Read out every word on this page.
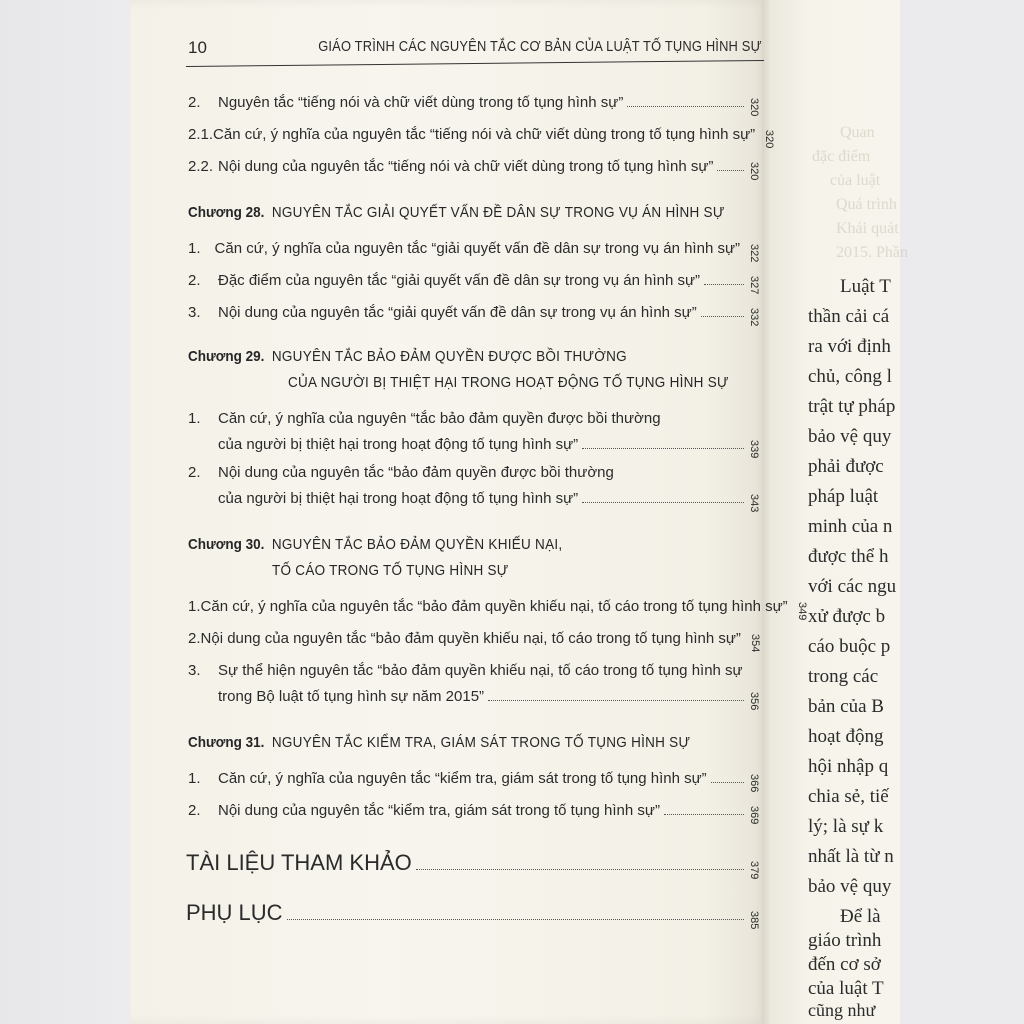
Quan
đặc điểm
của luật
Quá trình
Khái quát
2015. Phần
10	GIÁO TRÌNH CÁC NGUYÊN TẮC CƠ BẢN CỦA LUẬT TỐ TỤNG HÌNH SỰ
2.	Nguyên tắc “tiếng nói và chữ viết dùng trong tố tụng hình sự”	320
2.1. Căn cứ, ý nghĩa của nguyên tắc “tiếng nói và chữ viết dùng trong tố tụng hình sự” 320
2.2. Nội dung của nguyên tắc “tiếng nói và chữ viết dùng trong tố tụng hình sự”	320
Chương 28. NGUYÊN TẮC GIẢI QUYẾT VẤN ĐỀ DÂN SỰ TRONG VỤ ÁN HÌNH SỰ
1. Căn cứ, ý nghĩa của nguyên tắc “giải quyết vấn đề dân sự trong vụ án hình sự” 322
2.	Đặc điểm của nguyên tắc “giải quyết vấn đề dân sự trong vụ án hình sự”	327
3.	Nội dung của nguyên tắc “giải quyết vấn đề dân sự trong vụ án hình sự”	332
Chương 29. NGUYÊN TẮC BẢO ĐẢM QUYỀN ĐƯỢC BỒI THƯỜNG
CỦA NGƯỜI BỊ THIỆT HẠI TRONG HOẠT ĐỘNG TỐ TỤNG HÌNH SỰ
1. Căn cứ, ý nghĩa của nguyên “tắc bảo đảm quyền được bồi thường
của người bị thiệt hại trong hoạt động tố tụng hình sự”	339
2. Nội dung của nguyên tắc “bảo đảm quyền được bồi thường
của người bị thiệt hại trong hoạt động tố tụng hình sự”	343
Chương 30. NGUYÊN TẮC BẢO ĐẢM QUYỀN KHIẾU NẠI,
TỐ CÁO TRONG TỐ TỤNG HÌNH SỰ
1. Căn cứ, ý nghĩa của nguyên tắc “bảo đảm quyền khiếu nại, tố cáo trong tố tụng hình sự” 349
2. Nội dung của nguyên tắc “bảo đảm quyền khiếu nại, tố cáo trong tố tụng hình sự” 354
3. Sự thể hiện nguyên tắc “bảo đảm quyền khiếu nại, tố cáo trong tố tụng hình sự
trong Bộ luật tố tụng hình sự năm 2015”	356
Chương 31. NGUYÊN TẮC KIỂM TRA, GIÁM SÁT TRONG TỐ TỤNG HÌNH SỰ
1.	Căn cứ, ý nghĩa của nguyên tắc “kiểm tra, giám sát trong tố tụng hình sự”	366
2.	Nội dung của nguyên tắc “kiểm tra, giám sát trong tố tụng hình sự”	369
TÀI LIỆU THAM KHẢO	379
PHỤ LỤC	385
Luật T
thần cải cá
ra với định
chủ, công l
trật tự pháp
bảo vệ quy
phải được
pháp luật
minh của n
được thể h
với các ngu
xử được b
cáo buộc p
trong các
bản của B
hoạt động
hội nhập q
chia sẻ, tiế
lý; là sự k
nhất là từ n
bảo vệ quy
Để là
giáo trình
đến cơ sở
của luật T
cũng như
